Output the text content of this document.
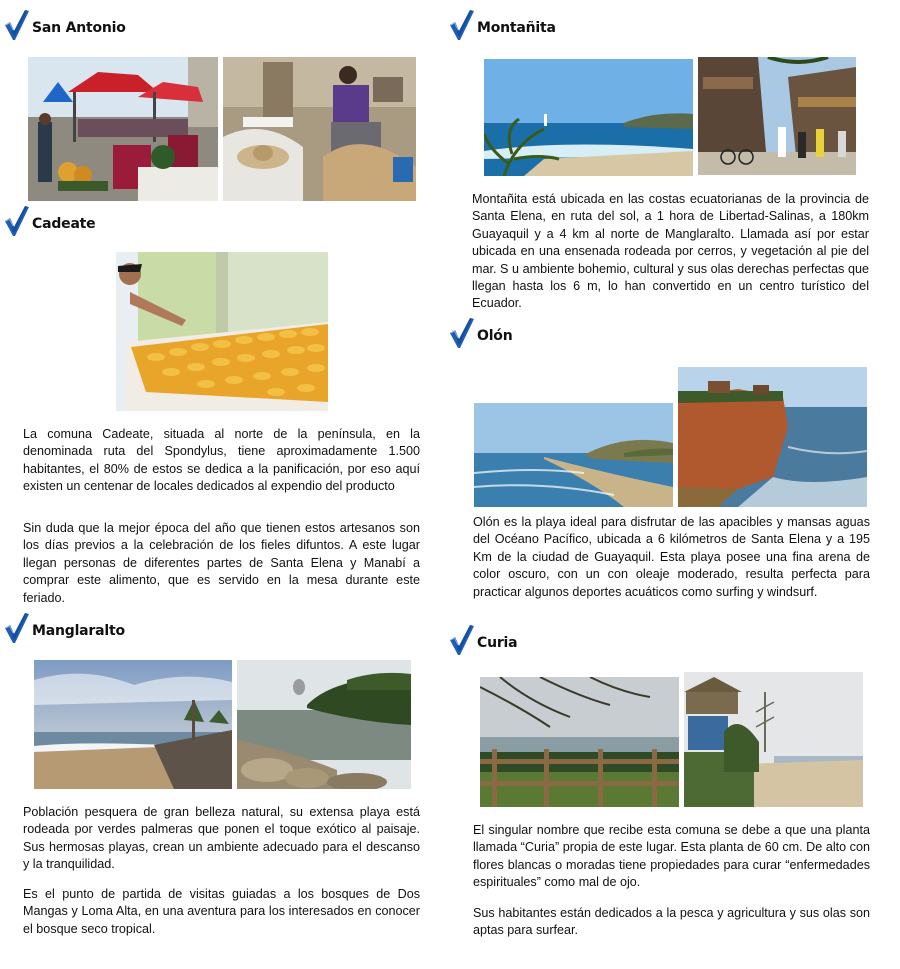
San Antonio
Cadeate

La comuna Cadeate, situada al norte de la península, en la denominada ruta del Spondylus, tiene aproximadamente 1.500 habitantes, el 80% de estos se dedica a la panificación, por eso aquí existen un centenar de locales dedicados al expendio del producto

Sin duda que la mejor época del año que tienen estos artesanos son los días previos a la celebración de los fieles difuntos. A este lugar llegan personas de diferentes partes de Santa Elena y Manabí a comprar este alimento, que es servido en la mesa durante este feriado.

Manglaralto

Población pesquera de gran belleza natural, su extensa playa está rodeada por verdes palmeras que ponen el toque exótico al paisaje. Sus hermosas playas, crean un ambiente adecuado para el descanso y la tranquilidad.

Es el punto de partida de visitas guiadas a los bosques de Dos Mangas y Loma Alta, en una aventura para los interesados en conocer el bosque seco tropical.

Montañita

Montañita está ubicada en las costas ecuatorianas de la provincia de Santa Elena, en ruta del sol, a 1 hora de Libertad-Salinas, a 180km Guayaquil y a 4 km al norte de Manglaralto. Llamada así por estar ubicada en una ensenada rodeada por cerros, y vegetación al pie del mar. S u ambiente bohemio, cultural y sus olas derechas perfectas que llegan hasta los 6 m, lo han convertido en un centro turístico del Ecuador.

Olón

Olón es la playa ideal para disfrutar de las apacibles y mansas aguas del Océano Pacífico, ubicada a 6 kilómetros de Santa Elena y a 195 Km de la ciudad de Guayaquil. Esta playa posee una fina arena de color oscuro, con un con oleaje moderado, resulta perfecta para practicar algunos deportes acuáticos como surfing y windsurf.

Curia

El singular nombre que recibe esta comuna se debe a que una planta llamada “Curia” propia de este lugar. Esta planta de 60 cm. De alto con flores blancas o moradas tiene propiedades para curar “enfermedades espirituales” como mal de ojo.

Sus habitantes están dedicados a la pesca y agricultura y sus olas son aptas para surfear.
